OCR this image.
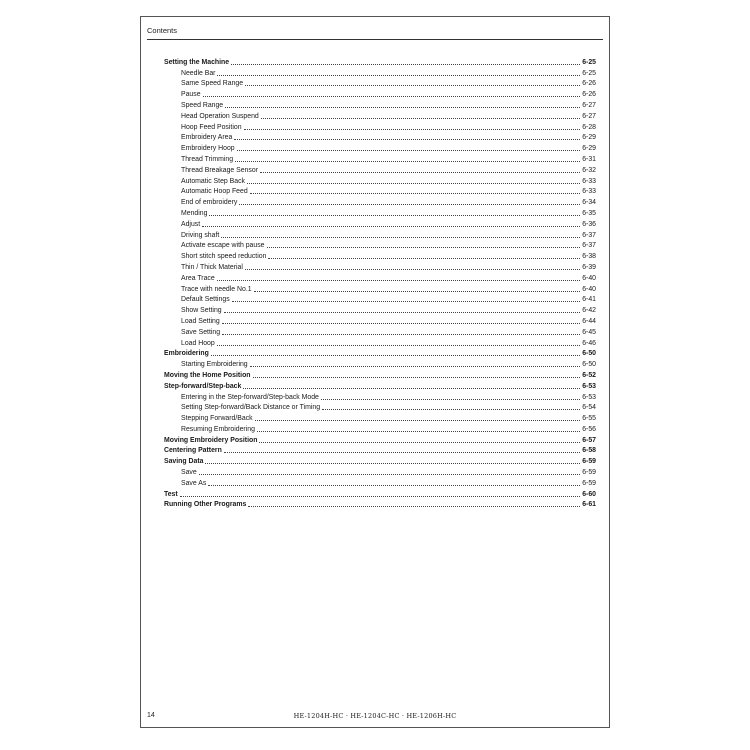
Contents
Setting the Machine	6-25
Needle Bar	6-25
Same Speed Range	6-26
Pause	6-26
Speed Range	6-27
Head Operation Suspend	6-27
Hoop Feed Position	6-28
Embroidery Area	6-29
Embroidery Hoop	6-29
Thread Trimming	6-31
Thread Breakage Sensor	6-32
Automatic Step Back	6-33
Automatic Hoop Feed	6-33
End of embroidery	6-34
Mending	6-35
Adjust	6-36
Driving shaft	6-37
Activate escape with pause	6-37
Short stitch speed reduction	6-38
Thin / Thick Material	6-39
Area Trace	6-40
Trace with needle No.1	6-40
Default Settings	6-41
Show Setting	6-42
Load Setting	6-44
Save Setting	6-45
Load Hoop	6-46
Embroidering	6-50
Starting Embroidering	6-50
Moving the Home Position	6-52
Step-forward/Step-back	6-53
Entering in the Step-forward/Step-back Mode	6-53
Setting Step-forward/Back Distance or Timing	6-54
Stepping Forward/Back	6-55
Resuming Embroidering	6-56
Moving Embroidery Position	6-57
Centering Pattern	6-58
Saving Data	6-59
Save	6-59
Save As	6-59
Test	6-60
Running Other Programs	6-61
14	HE-1204H-HC · HE-1204C-HC · HE-1206H-HC
